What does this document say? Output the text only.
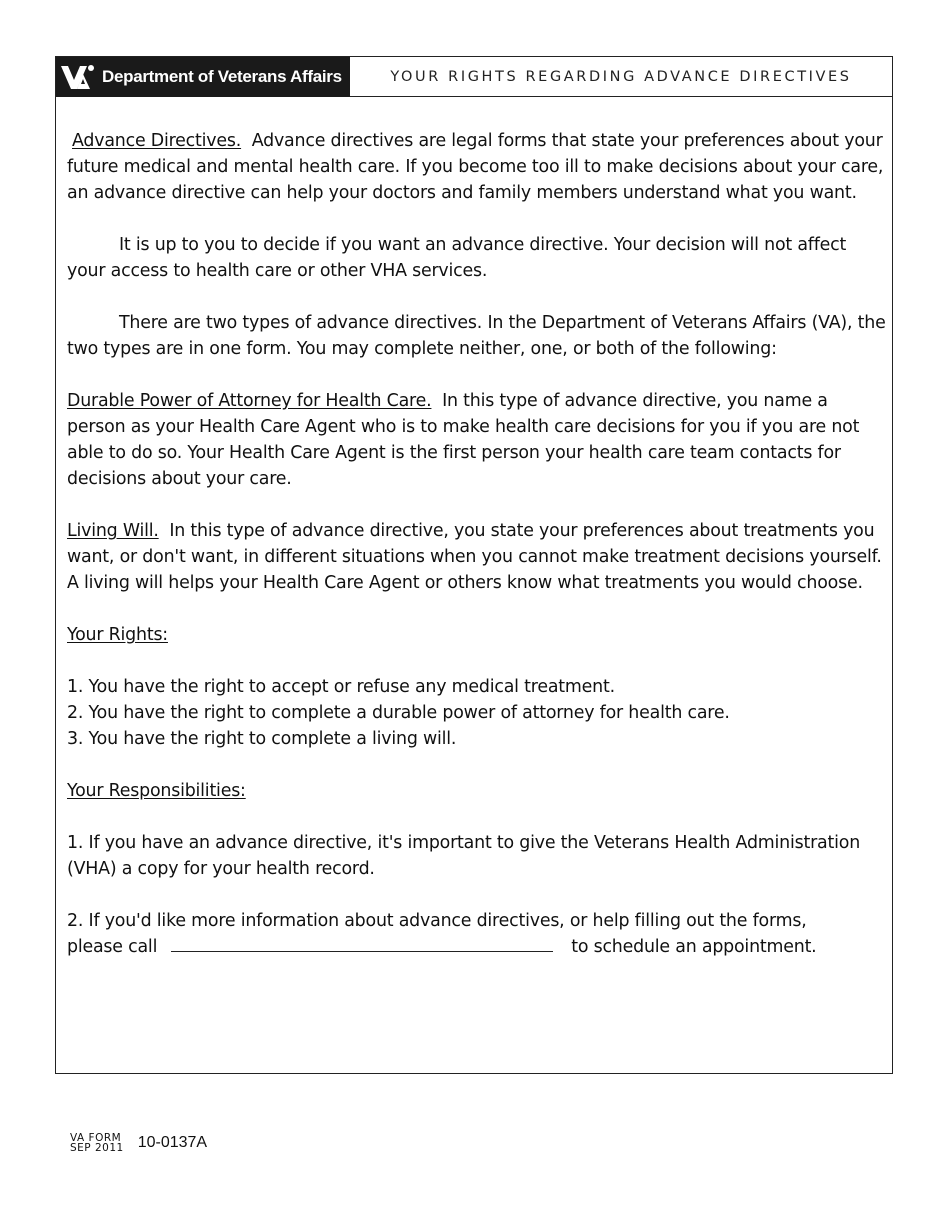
Department of Veterans Affairs	YOUR RIGHTS REGARDING ADVANCE DIRECTIVES

Advance Directives. Advance directives are legal forms that state your preferences about your future medical and mental health care. If you become too ill to make decisions about your care, an advance directive can help your doctors and family members understand what you want.

It is up to you to decide if you want an advance directive. Your decision will not affect your access to health care or other VHA services.

There are two types of advance directives. In the Department of Veterans Affairs (VA), the two types are in one form. You may complete neither, one, or both of the following:

Durable Power of Attorney for Health Care. In this type of advance directive, you name a person as your Health Care Agent who is to make health care decisions for you if you are not able to do so. Your Health Care Agent is the first person your health care team contacts for decisions about your care.

Living Will. In this type of advance directive, you state your preferences about treatments you want, or don't want, in different situations when you cannot make treatment decisions yourself. A living will helps your Health Care Agent or others know what treatments you would choose.

Your Rights:

1. You have the right to accept or refuse any medical treatment.
2. You have the right to complete a durable power of attorney for health care.
3. You have the right to complete a living will.

Your Responsibilities:

1. If you have an advance directive, it's important to give the Veterans Health Administration (VHA) a copy for your health record.

2. If you'd like more information about advance directives, or help filling out the forms,
please call	to schedule an appointment.

VA FORM
SEP 2011 10-0137A
